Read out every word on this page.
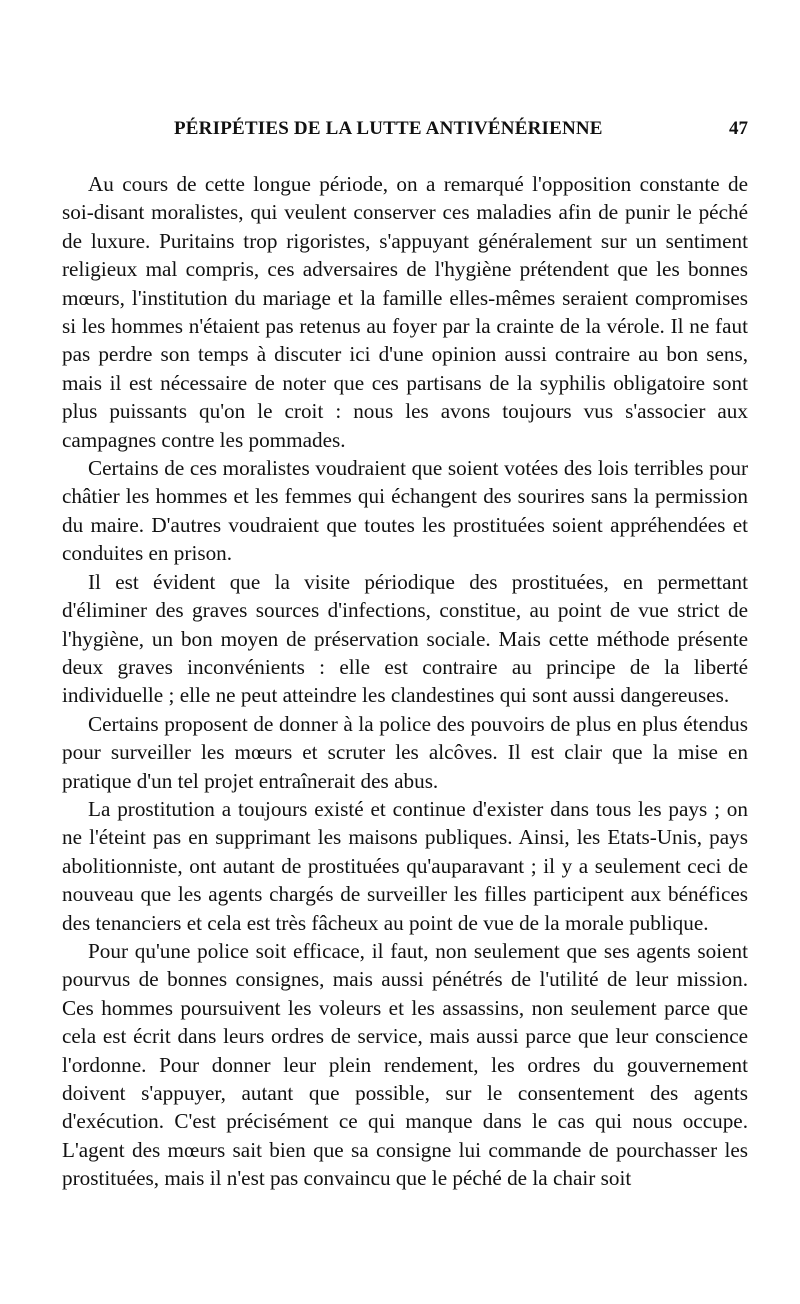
PÉRIPÉTIES DE LA LUTTE ANTIVÉNÉRIENNE	47

Au cours de cette longue période, on a remarqué l'opposition constante de soi-disant moralistes, qui veulent conserver ces maladies afin de punir le péché de luxure. Puritains trop rigoristes, s'appuyant généralement sur un sentiment religieux mal compris, ces adversaires de l'hygiène prétendent que les bonnes mœurs, l'institution du mariage et la famille elles-mêmes seraient compromises si les hommes n'étaient pas retenus au foyer par la crainte de la vérole. Il ne faut pas perdre son temps à discuter ici d'une opinion aussi contraire au bon sens, mais il est nécessaire de noter que ces partisans de la syphilis obligatoire sont plus puissants qu'on le croit : nous les avons toujours vus s'associer aux campagnes contre les pommades.

Certains de ces moralistes voudraient que soient votées des lois terribles pour châtier les hommes et les femmes qui échangent des sourires sans la permission du maire. D'autres voudraient que toutes les prostituées soient appréhendées et conduites en prison.

Il est évident que la visite périodique des prostituées, en permettant d'éliminer des graves sources d'infections, constitue, au point de vue strict de l'hygiène, un bon moyen de préservation sociale. Mais cette méthode présente deux graves inconvénients : elle est contraire au principe de la liberté individuelle ; elle ne peut atteindre les clandestines qui sont aussi dangereuses.

Certains proposent de donner à la police des pouvoirs de plus en plus étendus pour surveiller les mœurs et scruter les alcôves. Il est clair que la mise en pratique d'un tel projet entraînerait des abus.

La prostitution a toujours existé et continue d'exister dans tous les pays ; on ne l'éteint pas en supprimant les maisons publiques. Ainsi, les Etats-Unis, pays abolitionniste, ont autant de prostituées qu'auparavant ; il y a seulement ceci de nouveau que les agents chargés de surveiller les filles participent aux bénéfices des tenanciers et cela est très fâcheux au point de vue de la morale publique.

Pour qu'une police soit efficace, il faut, non seulement que ses agents soient pourvus de bonnes consignes, mais aussi pénétrés de l'utilité de leur mission. Ces hommes poursuivent les voleurs et les assassins, non seulement parce que cela est écrit dans leurs ordres de service, mais aussi parce que leur conscience l'ordonne. Pour donner leur plein rendement, les ordres du gouvernement doivent s'appuyer, autant que possible, sur le consentement des agents d'exécution. C'est précisément ce qui manque dans le cas qui nous occupe. L'agent des mœurs sait bien que sa consigne lui commande de pourchasser les prostituées, mais il n'est pas convaincu que le péché de la chair soit
